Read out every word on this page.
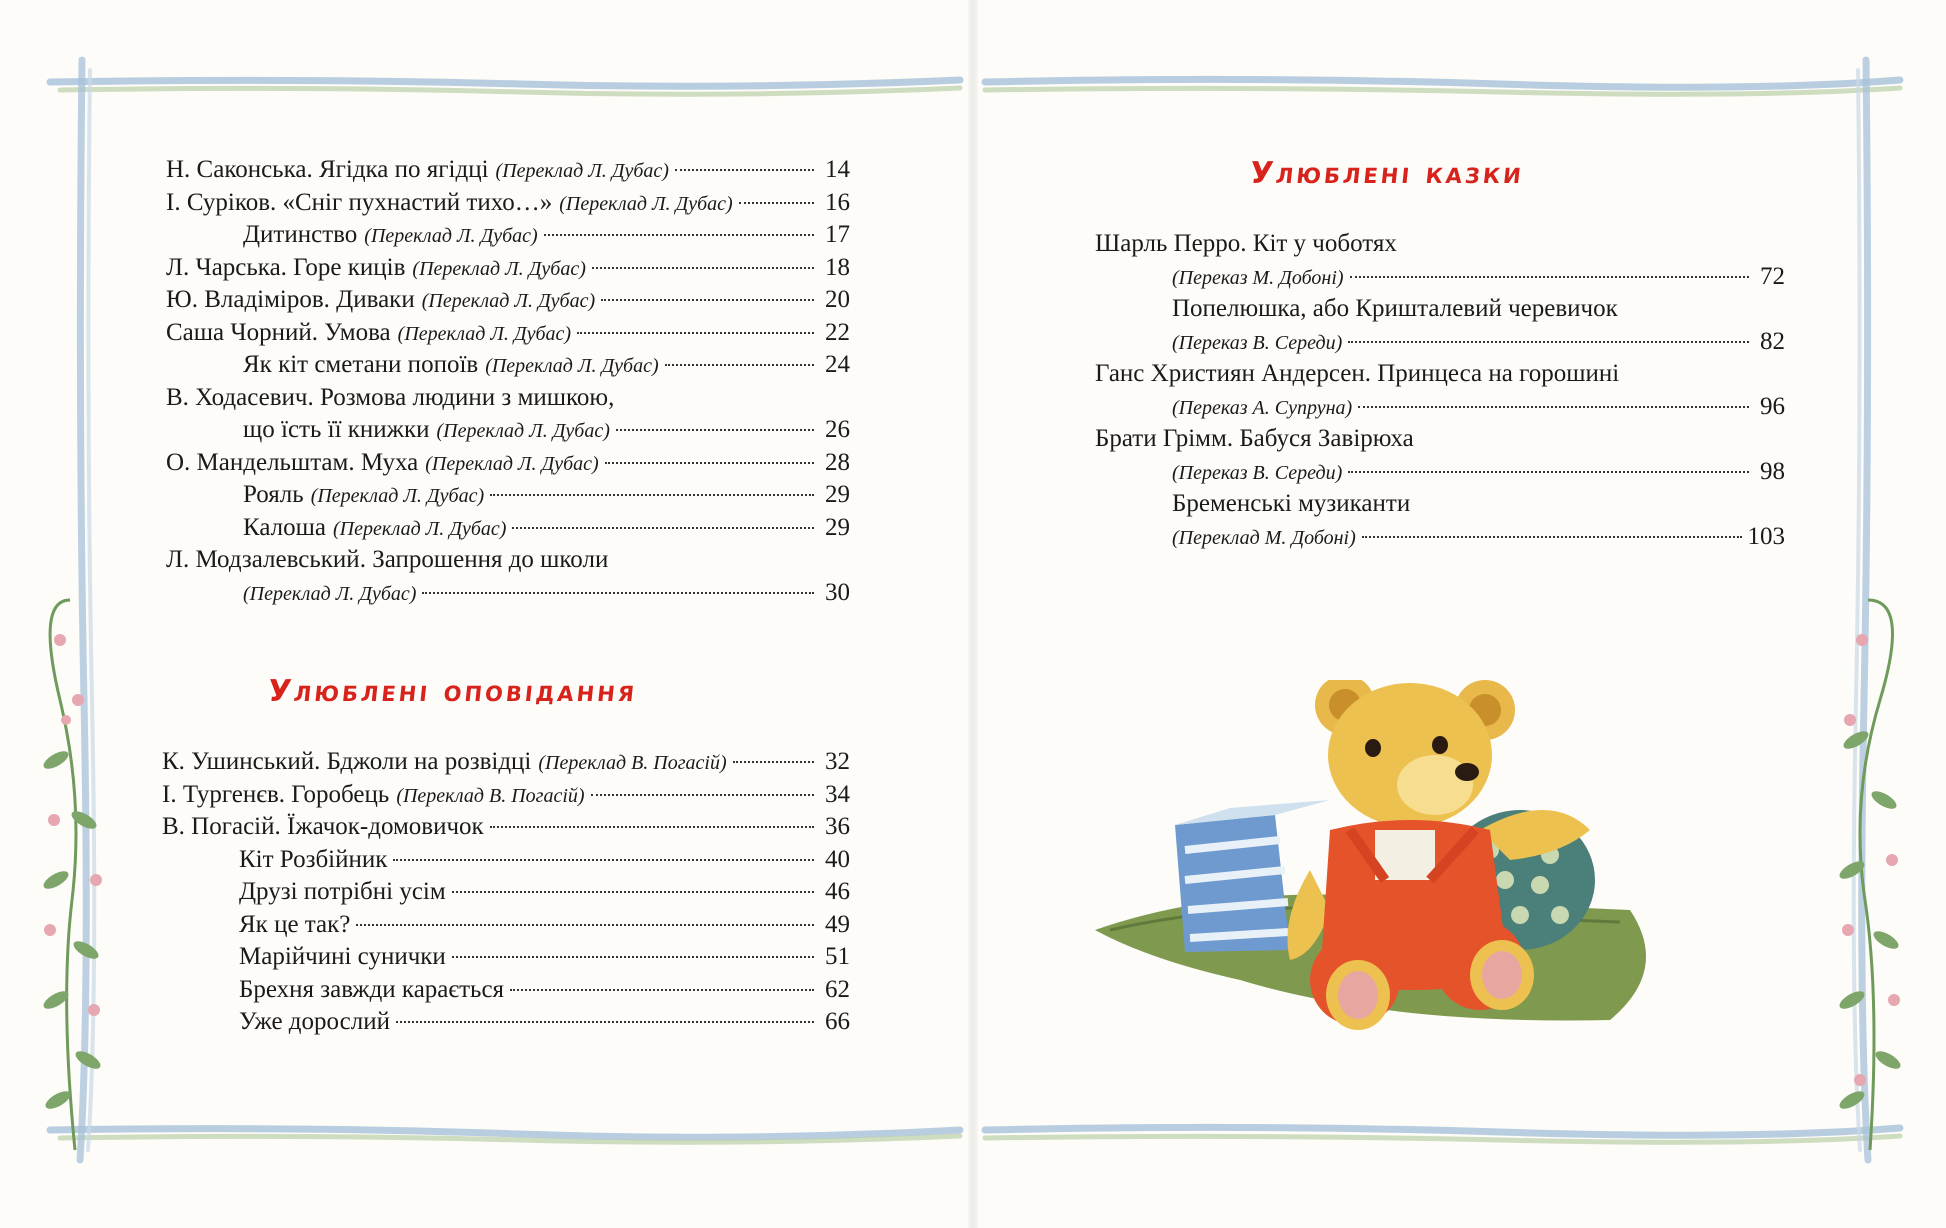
Н. Саконська. Ягідка по ягідці (Переклад Л. Дубас)	14
І. Суріков. «Сніг пухнастий тихо…» (Переклад Л. Дубас)	16
Дитинство (Переклад Л. Дубас)	17
Л. Чарська. Горе киців (Переклад Л. Дубас)	18
Ю. Владіміров. Диваки (Переклад Л. Дубас)	20
Саша Чорний. Умова (Переклад Л. Дубас)	22
Як кіт сметани попоїв (Переклад Л. Дубас)	24
В. Ходасевич. Розмова людини з мишкою,
що їсть її книжки (Переклад Л. Дубас)	26
О. Мандельштам. Муха (Переклад Л. Дубас)	28
Рояль (Переклад Л. Дубас)	29
Калоша (Переклад Л. Дубас)	29
Л. Модзалевський. Запрошення до школи
(Переклад Л. Дубас)	30
Улюблені оповідання
К. Ушинський. Бджоли на розвідці (Переклад В. Погасій)	32
І. Тургенєв. Горобець (Переклад В. Погасій)	34
В. Погасій. Їжачок-домовичок	36
Кіт Розбійник	40
Друзі потрібні усім	46
Як це так?	49
Марійчині сунички	51
Брехня завжди карається	62
Уже дорослий	66
Улюблені казки
Шарль Перро. Кіт у чоботях
(Переказ М. Добоні)	72
Попелюшка, або Кришталевий черевичок
(Переказ В. Середи)	82
Ганс Християн Андерсен. Принцеса на горошині
(Переказ А. Супруна)	96
Брати Грімм. Бабуся Завірюха
(Переказ В. Середи)	98
Бременські музиканти
(Переклад М. Добоні)	103
